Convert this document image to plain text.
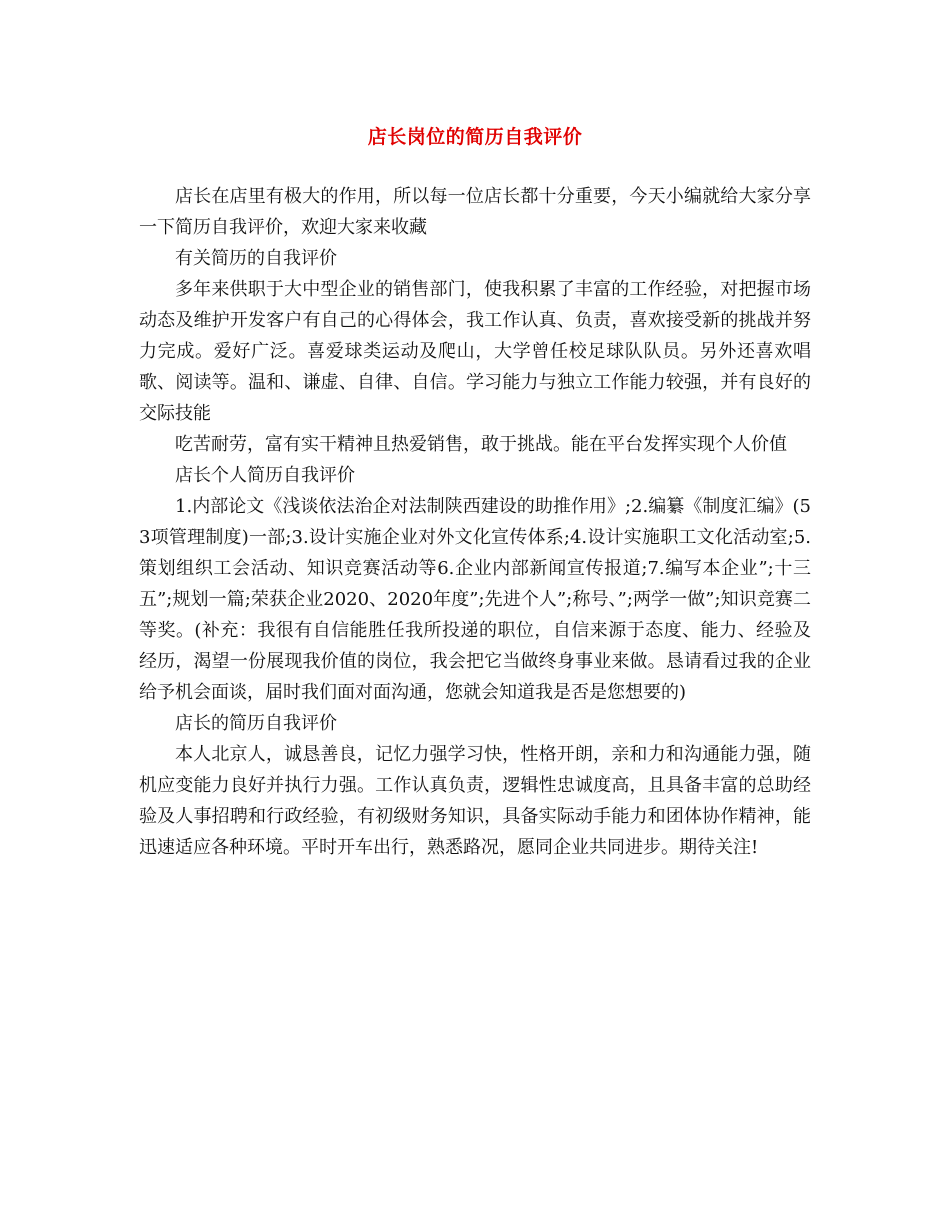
店长岗位的简历自我评价

店长在店里有极大的作用，所以每一位店长都十分重要，今天小编就给大家分享一下简历自我评价，欢迎大家来收藏

有关简历的自我评价

多年来供职于大中型企业的销售部门，使我积累了丰富的工作经验，对把握市场动态及维护开发客户有自己的心得体会，我工作认真、负责，喜欢接受新的挑战并努力完成。爱好广泛。喜爱球类运动及爬山，大学曾任校足球队队员。另外还喜欢唱歌、阅读等。温和、谦虚、自律、自信。学习能力与独立工作能力较强，并有良好的交际技能

吃苦耐劳，富有实干精神且热爱销售，敢于挑战。能在平台发挥实现个人价值

店长个人简历自我评价

1.内部论文《浅谈依法治企对法制陕西建设的助推作用》;2.编纂《制度汇编》(53项管理制度)一部;3.设计实施企业对外文化宣传体系;4.设计实施职工文化活动室;5.策划组织工会活动、知识竞赛活动等6.企业内部新闻宣传报道;7.编写本企业”;十三五”;规划一篇;荣获企业2020、2020年度”;先进个人”;称号、”;两学一做”;知识竞赛二等奖。(补充：我很有自信能胜任我所投递的职位，自信来源于态度、能力、经验及经历，渴望一份展现我价值的岗位，我会把它当做终身事业来做。恳请看过我的企业给予机会面谈，届时我们面对面沟通，您就会知道我是否是您想要的)

店长的简历自我评价

本人北京人，诚恳善良，记忆力强学习快，性格开朗，亲和力和沟通能力强，随机应变能力良好并执行力强。工作认真负责，逻辑性忠诚度高，且具备丰富的总助经验及人事招聘和行政经验，有初级财务知识，具备实际动手能力和团体协作精神，能迅速适应各种环境。平时开车出行，熟悉路况，愿同企业共同进步。期待关注!
